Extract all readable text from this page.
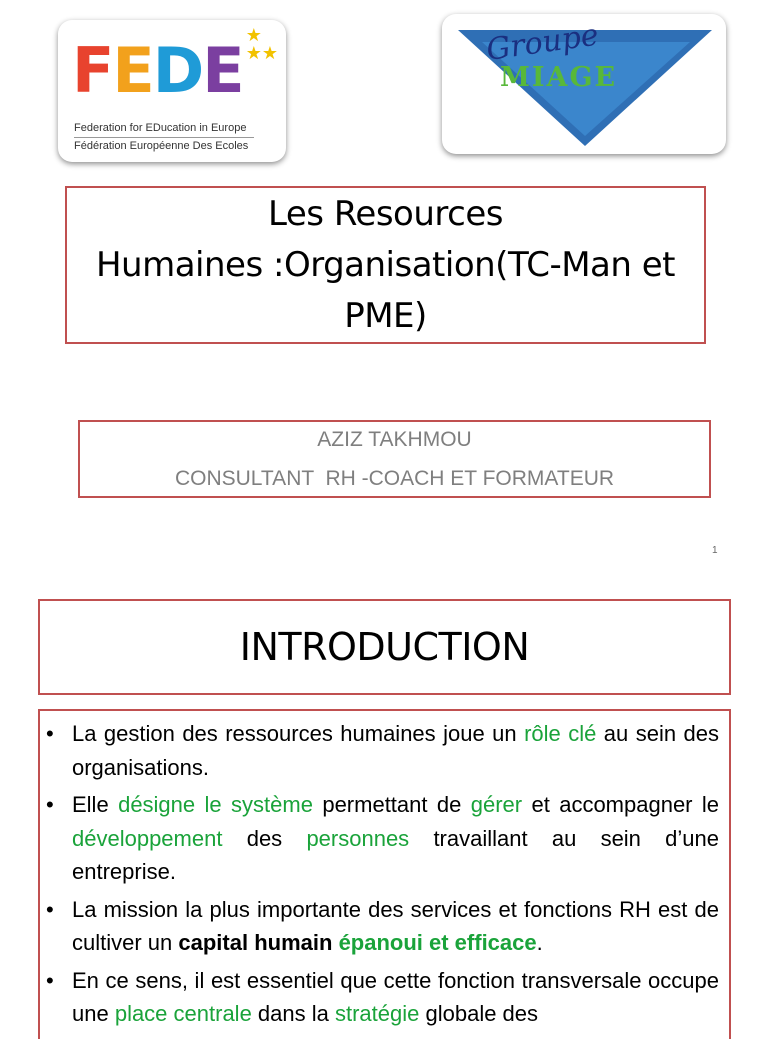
★
★★
FEDE
Federation for EDucation in Europe
Fédération Européenne Des Ecoles
Groupe
MIAGE
Les Resources
Humaines :Organisation(TC-Man et
PME)
AZIZ TAKHMOU
CONSULTANT  RH -COACH ET FORMATEUR
1
INTRODUCTION
• La gestion des ressources humaines joue un rôle clé au sein des organisations.
• Elle désigne le système permettant de gérer et accompagner le développement des personnes travaillant au sein d’une entreprise.
• La mission la plus importante des services et fonctions RH est de cultiver un capital humain épanoui et efficace.
• En ce sens, il est essentiel que cette fonction transversale occupe une place centrale dans la stratégie globale des
